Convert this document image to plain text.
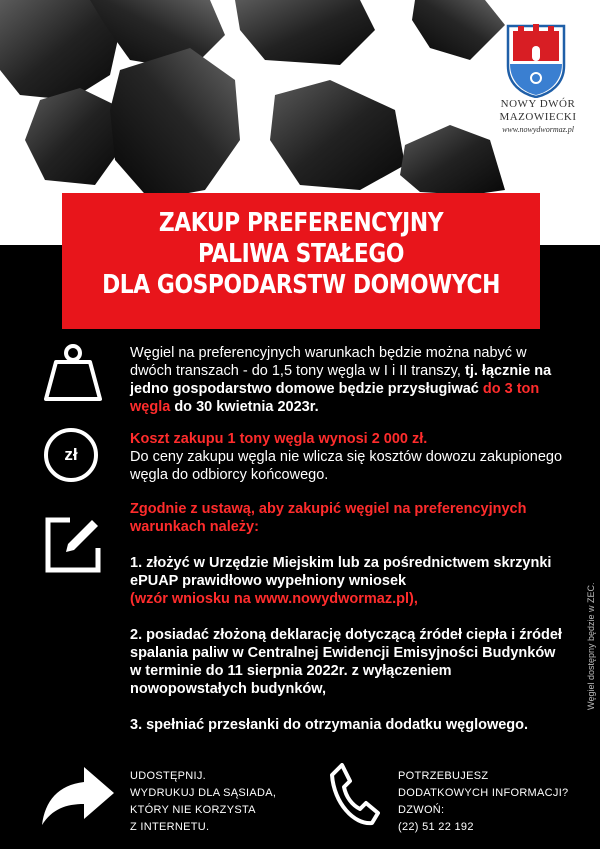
NOWY DWÓR
MAZOWIECKI
www.nowydwormaz.pl
ZAKUP PREFERENCYJNY
PALIWA STAŁEGO
DLA GOSPODARSTW DOMOWYCH

Węgiel na preferencyjnych warunkach będzie można nabyć w dwóch transzach - do 1,5 tony węgla w I i II transzy, tj. łącznie na jedno gospodarstwo domowe będzie przysługiwać do 3 ton węgla do 30 kwietnia 2023r.

zł

Koszt zakupu 1 tony węgla wynosi 2 000 zł.

Do ceny zakupu węgla nie wlicza się kosztów dowozu zakupionego węgla do odbiorcy końcowego.

Zgodnie z ustawą, aby zakupić węgiel na preferencyjnych warunkach należy:

1. złożyć w Urzędzie Miejskim lub za pośrednictwem skrzynki ePUAP prawidłowo wypełniony wniosek

(wzór wniosku na www.nowydwormaz.pl),

2. posiadać złożoną deklarację dotyczącą źródeł ciepła i źródeł spalania paliw w Centralnej Ewidencji Emisyjności Budynków w terminie do 11 sierpnia 2022r. z wyłączeniem nowopowstałych budynków,

3. spełniać przesłanki do otrzymania dodatku węglowego.

Węgiel dostępny będzie w ZEC.
UDOSTĘPNIJ.
WYDRUKUJ DLA SĄSIADA,
KTÓRY NIE KORZYSTA
Z INTERNETU.
POTRZEBUJESZ
DODATKOWYCH INFORMACJI?
DZWOŃ:
(22) 51 22 192
